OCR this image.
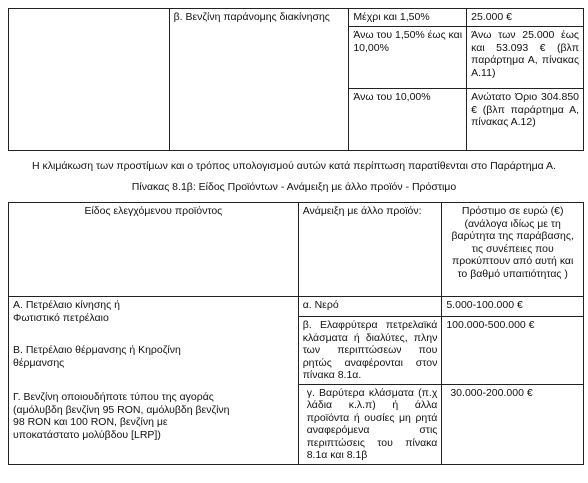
	β. Βενζίνη παράνομης διακίνησης	Μέχρι και 1,50%	25.000 €
		Άνω του 1,50% έως και 10,00%	Άνω των 25.000 έως και 53.093 € (βλπ παράρτημα Α, πίνακας Α.11)
		Άνω του 10,00%	Ανώτατο Όριο 304.850 € (βλπ παράρτημα Α, πίνακας Α.12)
Η κλιμάκωση των προστίμων και ο τρόπος υπολογισμού αυτών κατά περίπτωση παρατίθενται στο Παράρτημα Α.
Πίνακας 8.1β: Είδος Προϊόντων - Ανάμειξη με άλλο προϊόν - Πρόστιμο
Είδος ελεγχόμενου προϊόντος	Ανάμειξη με άλλο προϊόν:	Πρόστιμο σε ευρώ (€) (ανάλογα ιδίως με τη βαρύτητα της παράβασης, τις συνέπειες που προκύπτουν από αυτή και το βαθμό υπαιτιότητας )

Α. Πετρέλαιο κίνησης ή Φωτιστικό πετρέλαιο
Β. Πετρέλαιο θέρμανσης ή Κηροζίνη θέρμανσης
Γ. Βενζίνη οποιουδήποτε τύπου της αγοράς (αμόλυβδη βενζίνη 95 RON, αμόλυβδη βενζίνη 98 RON και 100 RON, βενζίνη με υποκατάστατο μολύβδου [LRP])	α. Νερό	5.000-100.000 €
	β. Ελαφρύτερα πετρελαϊκά κλάσματα ή διαλύτες, πλην των περιπτώσεων που ρητώς αναφέρονται στον πίνακα 8.1α.	100.000-500.000 €
	γ. Βαρύτερα κλάσματα (π.χ λάδια κ.λ.π) ή άλλα προϊόντα ή ουσίες μη ρητά αναφερόμενα στις περιπτώσεις του πίνακα 8.1α και 8.1β	30.000-200.000 €
